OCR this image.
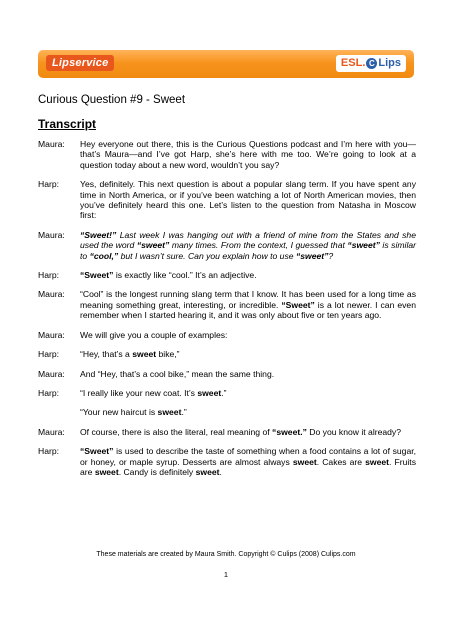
Lipservice	ESL. C Lips
Curious Question #9 - Sweet
Transcript
Maura:	Hey everyone out there, this is the Curious Questions podcast and I’m here with you—that’s Maura—and I’ve got Harp, she’s here with me too. We’re going to look at a question today about a new word, wouldn’t you say?
Harp:	Yes, definitely. This next question is about a popular slang term. If you have spent any time in North America, or if you’ve been watching a lot of North American movies, then you’ve definitely heard this one. Let’s listen to the question from Natasha in Moscow first:
Maura:	“Sweet!” Last week I was hanging out with a friend of mine from the States and she used the word “sweet” many times. From the context, I guessed that “sweet” is similar to “cool,” but I wasn’t sure. Can you explain how to use “sweet”?
Harp:	“Sweet” is exactly like “cool.” It’s an adjective.
Maura:	“Cool” is the longest running slang term that I know. It has been used for a long time as meaning something great, interesting, or incredible. “Sweet” is a lot newer. I can even remember when I started hearing it, and it was only about five or ten years ago.
Maura:	We will give you a couple of examples:
Harp:	“Hey, that’s a sweet bike,”
Maura:	And “Hey, that’s a cool bike,” mean the same thing.
Harp:	“I really like your new coat. It’s sweet.”
“Your new haircut is sweet.”
Maura:	Of course, there is also the literal, real meaning of “sweet.” Do you know it already?
Harp:	“Sweet” is used to describe the taste of something when a food contains a lot of sugar, or honey, or maple syrup. Desserts are almost always sweet. Cakes are sweet. Fruits are sweet. Candy is definitely sweet.
These materials are created by Maura Smith. Copyright © Culips (2008) Culips.com
1
